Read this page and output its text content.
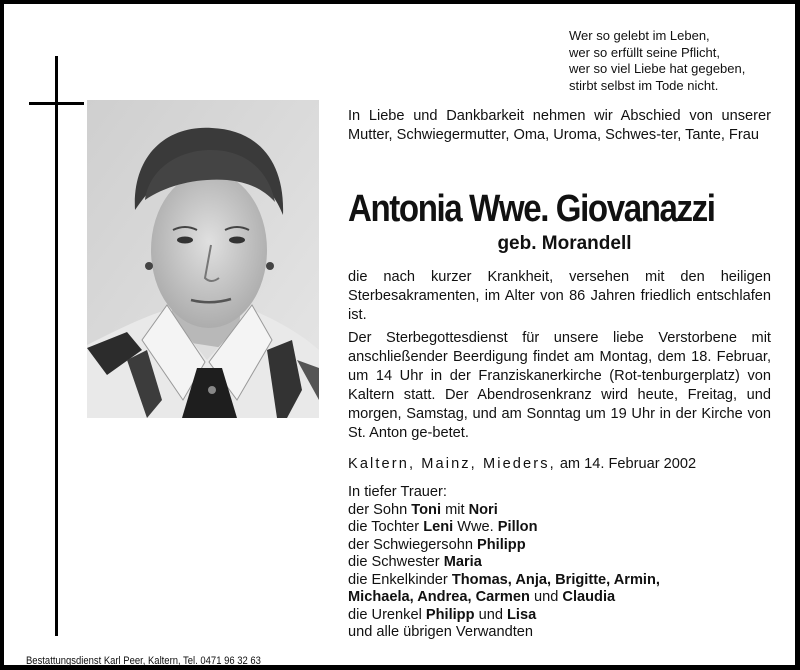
Wer so gelebt im Leben,
wer so erfüllt seine Pflicht,
wer so viel Liebe hat gegeben,
stirbt selbst im Tode nicht.
In Liebe und Dankbarkeit nehmen wir Abschied von unserer Mutter, Schwiegermutter, Oma, Uroma, Schwes-ter, Tante, Frau
Antonia Wwe. Giovanazzi
geb. Morandell
die nach kurzer Krankheit, versehen mit den heiligen Sterbesakramenten, im Alter von 86 Jahren friedlich entschlafen ist.
Der Sterbegottesdienst für unsere liebe Verstorbene mit anschließender Beerdigung findet am Montag, dem 18. Februar, um 14 Uhr in der Franziskanerkirche (Rot-tenburgerplatz) von Kaltern statt. Der Abendrosenkranz wird heute, Freitag, und morgen, Samstag, und am Sonntag um 19 Uhr in der Kirche von St. Anton ge-betet.
Kaltern, Mainz, Mieders, am 14. Februar 2002
In tiefer Trauer:
der Sohn Toni mit Nori
die Tochter Leni Wwe. Pillon
der Schwiegersohn Philipp
die Schwester Maria
die Enkelkinder Thomas, Anja, Brigitte, Armin,
Michaela, Andrea, Carmen und Claudia
die Urenkel Philipp und Lisa
und alle übrigen Verwandten
Bestattungsdienst Karl Peer, Kaltern, Tel. 0471 96 32 63
